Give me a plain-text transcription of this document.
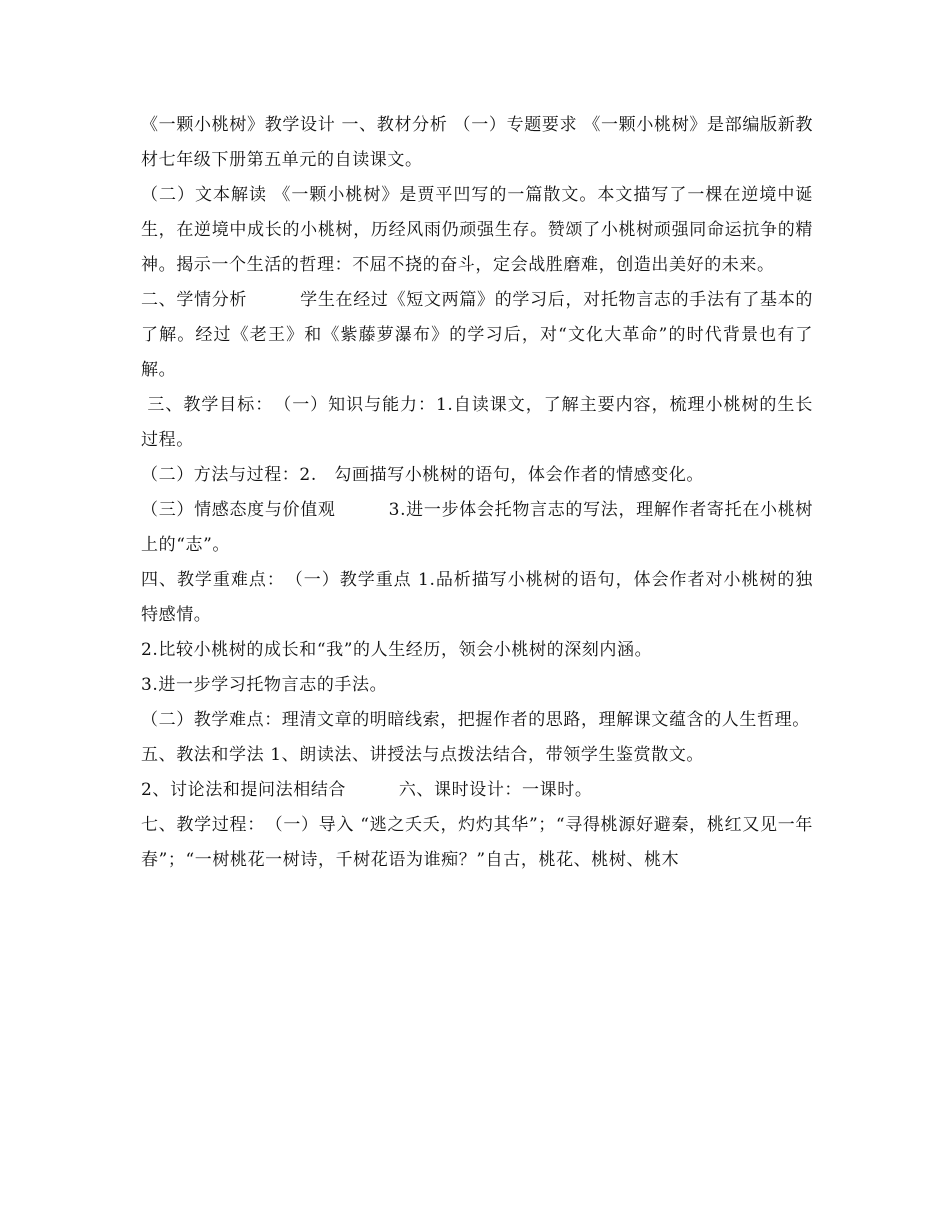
《一颗小桃树》教学设计 一、教材分析 （一）专题要求 《一颗小桃树》是部编版新教材七年级下册第五单元的自读课文。

（二）文本解读 《一颗小桃树》是贾平凹写的一篇散文。本文描写了一棵在逆境中诞生，在逆境中成长的小桃树，历经风雨仍顽强生存。赞颂了小桃树顽强同命运抗争的精神。揭示一个生活的哲理：不屈不挠的奋斗，定会战胜磨难，创造出美好的未来。

二、学情分析　　　学生在经过《短文两篇》的学习后，对托物言志的手法有了基本的了解。经过《老王》和《紫藤萝瀑布》的学习后，对“文化大革命”的时代背景也有了解。

三、教学目标：　（一）知识与能力：1.自读课文，了解主要内容，梳理小桃树的生长过程。

（二）方法与过程：2.　勾画描写小桃树的语句，体会作者的情感变化。

（三）情感态度与价值观　　　3.进一步体会托物言志的写法，理解作者寄托在小桃树上的“志”。

四、教学重难点：　（一）教学重点 1.品析描写小桃树的语句，体会作者对小桃树的独特感情。

2.比较小桃树的成长和“我”的人生经历，领会小桃树的深刻内涵。

3.进一步学习托物言志的手法。

（二）教学难点：理清文章的明暗线索，把握作者的思路，理解课文蕴含的人生哲理。

五、教法和学法 1、朗读法、讲授法与点拨法结合，带领学生鉴赏散文。

2、讨论法和提问法相结合　　　六、课时设计：一课时。

七、教学过程：　（一）导入 “逃之夭夭，灼灼其华”；“寻得桃源好避秦，桃红又见一年春”；“一树桃花一树诗，千树花语为谁痴？”自古，桃花、桃树、桃木
